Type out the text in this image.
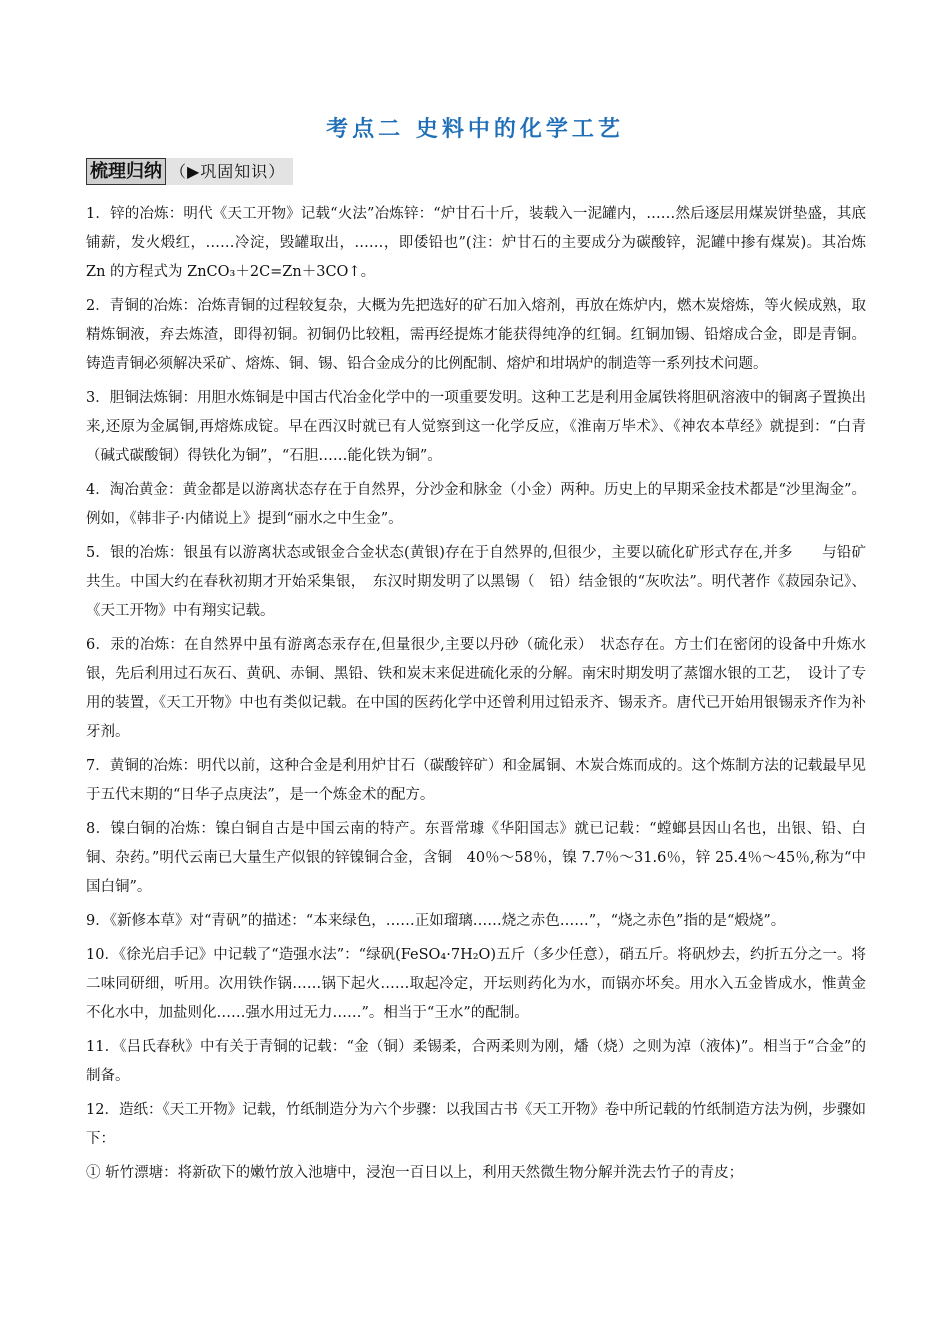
考点二 史料中的化学工艺
梳理归纳 （▶巩固知识）

1．锌的冶炼：明代《天工开物》记载“火法”冶炼锌：“炉甘石十斤，装载入一泥罐内，……然后逐层用煤炭饼垫盛，其底铺薪，发火煅红，……冷淀，毁罐取出，……，即倭铅也”(注：炉甘石的主要成分为碳酸锌，泥罐中掺有煤炭)。其冶炼 Zn 的方程式为 ZnCO₃＋2C=Zn＋3CO↑。

2．青铜的冶炼：冶炼青铜的过程较复杂，大概为先把选好的矿石加入熔剂，再放在炼炉内，燃木炭熔炼，等火候成熟，取精炼铜液，弃去炼渣，即得初铜。初铜仍比较粗，需再经提炼才能获得纯净的红铜。红铜加锡、铅熔成合金，即是青铜。铸造青铜必须解决采矿、熔炼、铜、锡、铅合金成分的比例配制、熔炉和坩埚炉的制造等一系列技术问题。

3．胆铜法炼铜：用胆水炼铜是中国古代冶金化学中的一项重要发明。这种工艺是利用金属铁将胆矾溶液中的铜离子置换出来,还原为金属铜,再熔炼成锭。早在西汉时就已有人觉察到这一化学反应，《淮南万毕术》、《神农本草经》就提到：“白青（碱式碳酸铜）得铁化为铜”，“石胆……能化铁为铜”。

4．淘冶黄金：黄金都是以游离状态存在于自然界，分沙金和脉金（小金）两种。历史上的早期采金技术都是“沙里淘金”。例如，《韩非子·内储说上》提到“丽水之中生金”。

5．银的冶炼：银虽有以游离状态或银金合金状态(黄银)存在于自然界的,但很少，主要以硫化矿形式存在,并多　　与铅矿共生。中国大约在春秋初期才开始采集银，　东汉时期发明了以黑锡（　铅）结金银的“灰吹法”。明代著作《菽园杂记》、《天工开物》中有翔实记载。

6．汞的冶炼：在自然界中虽有游离态汞存在,但量很少,主要以丹砂（硫化汞）　状态存在。方士们在密闭的设备中升炼水银，先后利用过石灰石、黄矾、赤铜、黑铅、铁和炭末来促进硫化汞的分解。南宋时期发明了蒸馏水银的工艺，　设计了专用的装置，《天工开物》中也有类似记载。在中国的医药化学中还曾利用过铅汞齐、锡汞齐。唐代已开始用银锡汞齐作为补牙剂。

7．黄铜的冶炼：明代以前，这种合金是利用炉甘石（碳酸锌矿）和金属铜、木炭合炼而成的。这个炼制方法的记载最早见于五代末期的“日华子点庚法”，是一个炼金术的配方。

8．镍白铜的冶炼：镍白铜自古是中国云南的特产。东晋常璩《华阳国志》就已记载：“螳螂县因山名也，出银、铅、白铜、杂药。”明代云南已大量生产似银的锌镍铜合金，含铜　40％～58％，镍 7.7％～31.6％，锌 25.4％～45％,称为“中国白铜”。

9．《新修本草》对“青矾”的描述：“本来绿色，……正如瑠璃……烧之赤色……”，“烧之赤色”指的是“煅烧”。

10．《徐光启手记》中记载了“造强水法”：“绿矾(FeSO₄·7H₂O)五斤（多少任意），硝五斤。将矾炒去，约折五分之一。将二味同研细，听用。次用铁作锅……锅下起火……取起冷定，开坛则药化为水，而锅亦坏矣。用水入五金皆成水，惟黄金不化水中，加盐则化……强水用过无力……”。相当于“王水”的配制。

11．《吕氏春秋》中有关于青铜的记载：“金（铜）柔锡柔，合两柔则为刚，燔（烧）之则为淖（液体)”。相当于“合金”的制备。

12．造纸：《天工开物》记载，竹纸制造分为六个步骤：以我国古书《天工开物》卷中所记载的竹纸制造方法为例，步骤如下：

① 斩竹漂塘：将新砍下的嫩竹放入池塘中，浸泡一百日以上，利用天然微生物分解并洗去竹子的青皮；
